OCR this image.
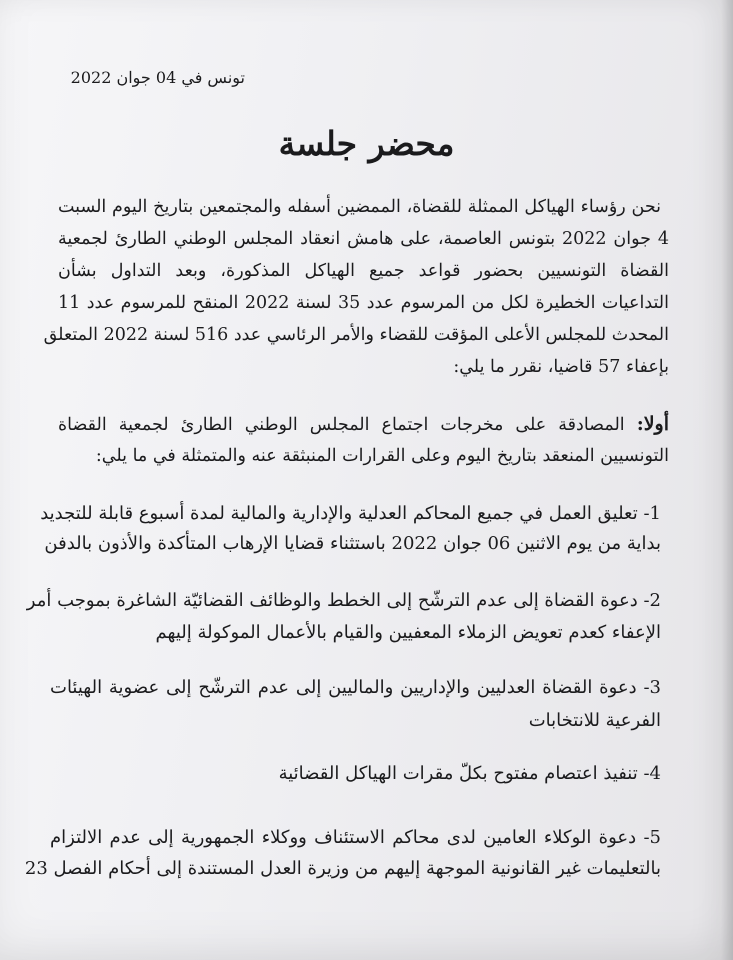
تونس في 04 جوان 2022
محضر جلسة
نحن رؤساء الهياكل الممثلة للقضاة، الممضين أسفله والمجتمعين بتاريخ اليوم السبت
4 جوان 2022 بتونس العاصمة، على هامش انعقاد المجلس الوطني الطارئ لجمعية
القضاة التونسيين بحضور قواعد جميع الهياكل المذكورة، وبعد التداول بشأن
التداعيات الخطيرة لكل من المرسوم عدد 35 لسنة 2022 المنقح للمرسوم عدد 11
المحدث للمجلس الأعلى المؤقت للقضاء والأمر الرئاسي عدد 516 لسنة 2022 المتعلق
بإعفاء 57 قاضيا، نقرر ما يلي:
أولا: المصادقة على مخرجات اجتماع المجلس الوطني الطارئ لجمعية القضاة
التونسيين المنعقد بتاريخ اليوم وعلى القرارات المنبثقة عنه والمتمثلة في ما يلي:
1- تعليق العمل في جميع المحاكم العدلية والإدارية والمالية لمدة أسبوع قابلة للتجديد
بداية من يوم الاثنين 06 جوان 2022 باستثناء قضايا الإرهاب المتأكدة والأذون بالدفن
2- دعوة القضاة إلى عدم الترشّح إلى الخطط والوظائف القضائيّة الشاغرة بموجب أمر
الإعفاء كعدم تعويض الزملاء المعفيين والقيام بالأعمال الموكولة إليهم
3- دعوة القضاة العدليين والإداريين والماليين إلى عدم الترشّح إلى عضوية الهيئات
الفرعية للانتخابات
4- تنفيذ اعتصام مفتوح بكلّ مقرات الهياكل القضائية
5- دعوة الوكلاء العامين لدى محاكم الاستئناف ووكلاء الجمهورية إلى عدم الالتزام
بالتعليمات غير القانونية الموجهة إليهم من وزيرة العدل المستندة إلى أحكام الفصل 23
